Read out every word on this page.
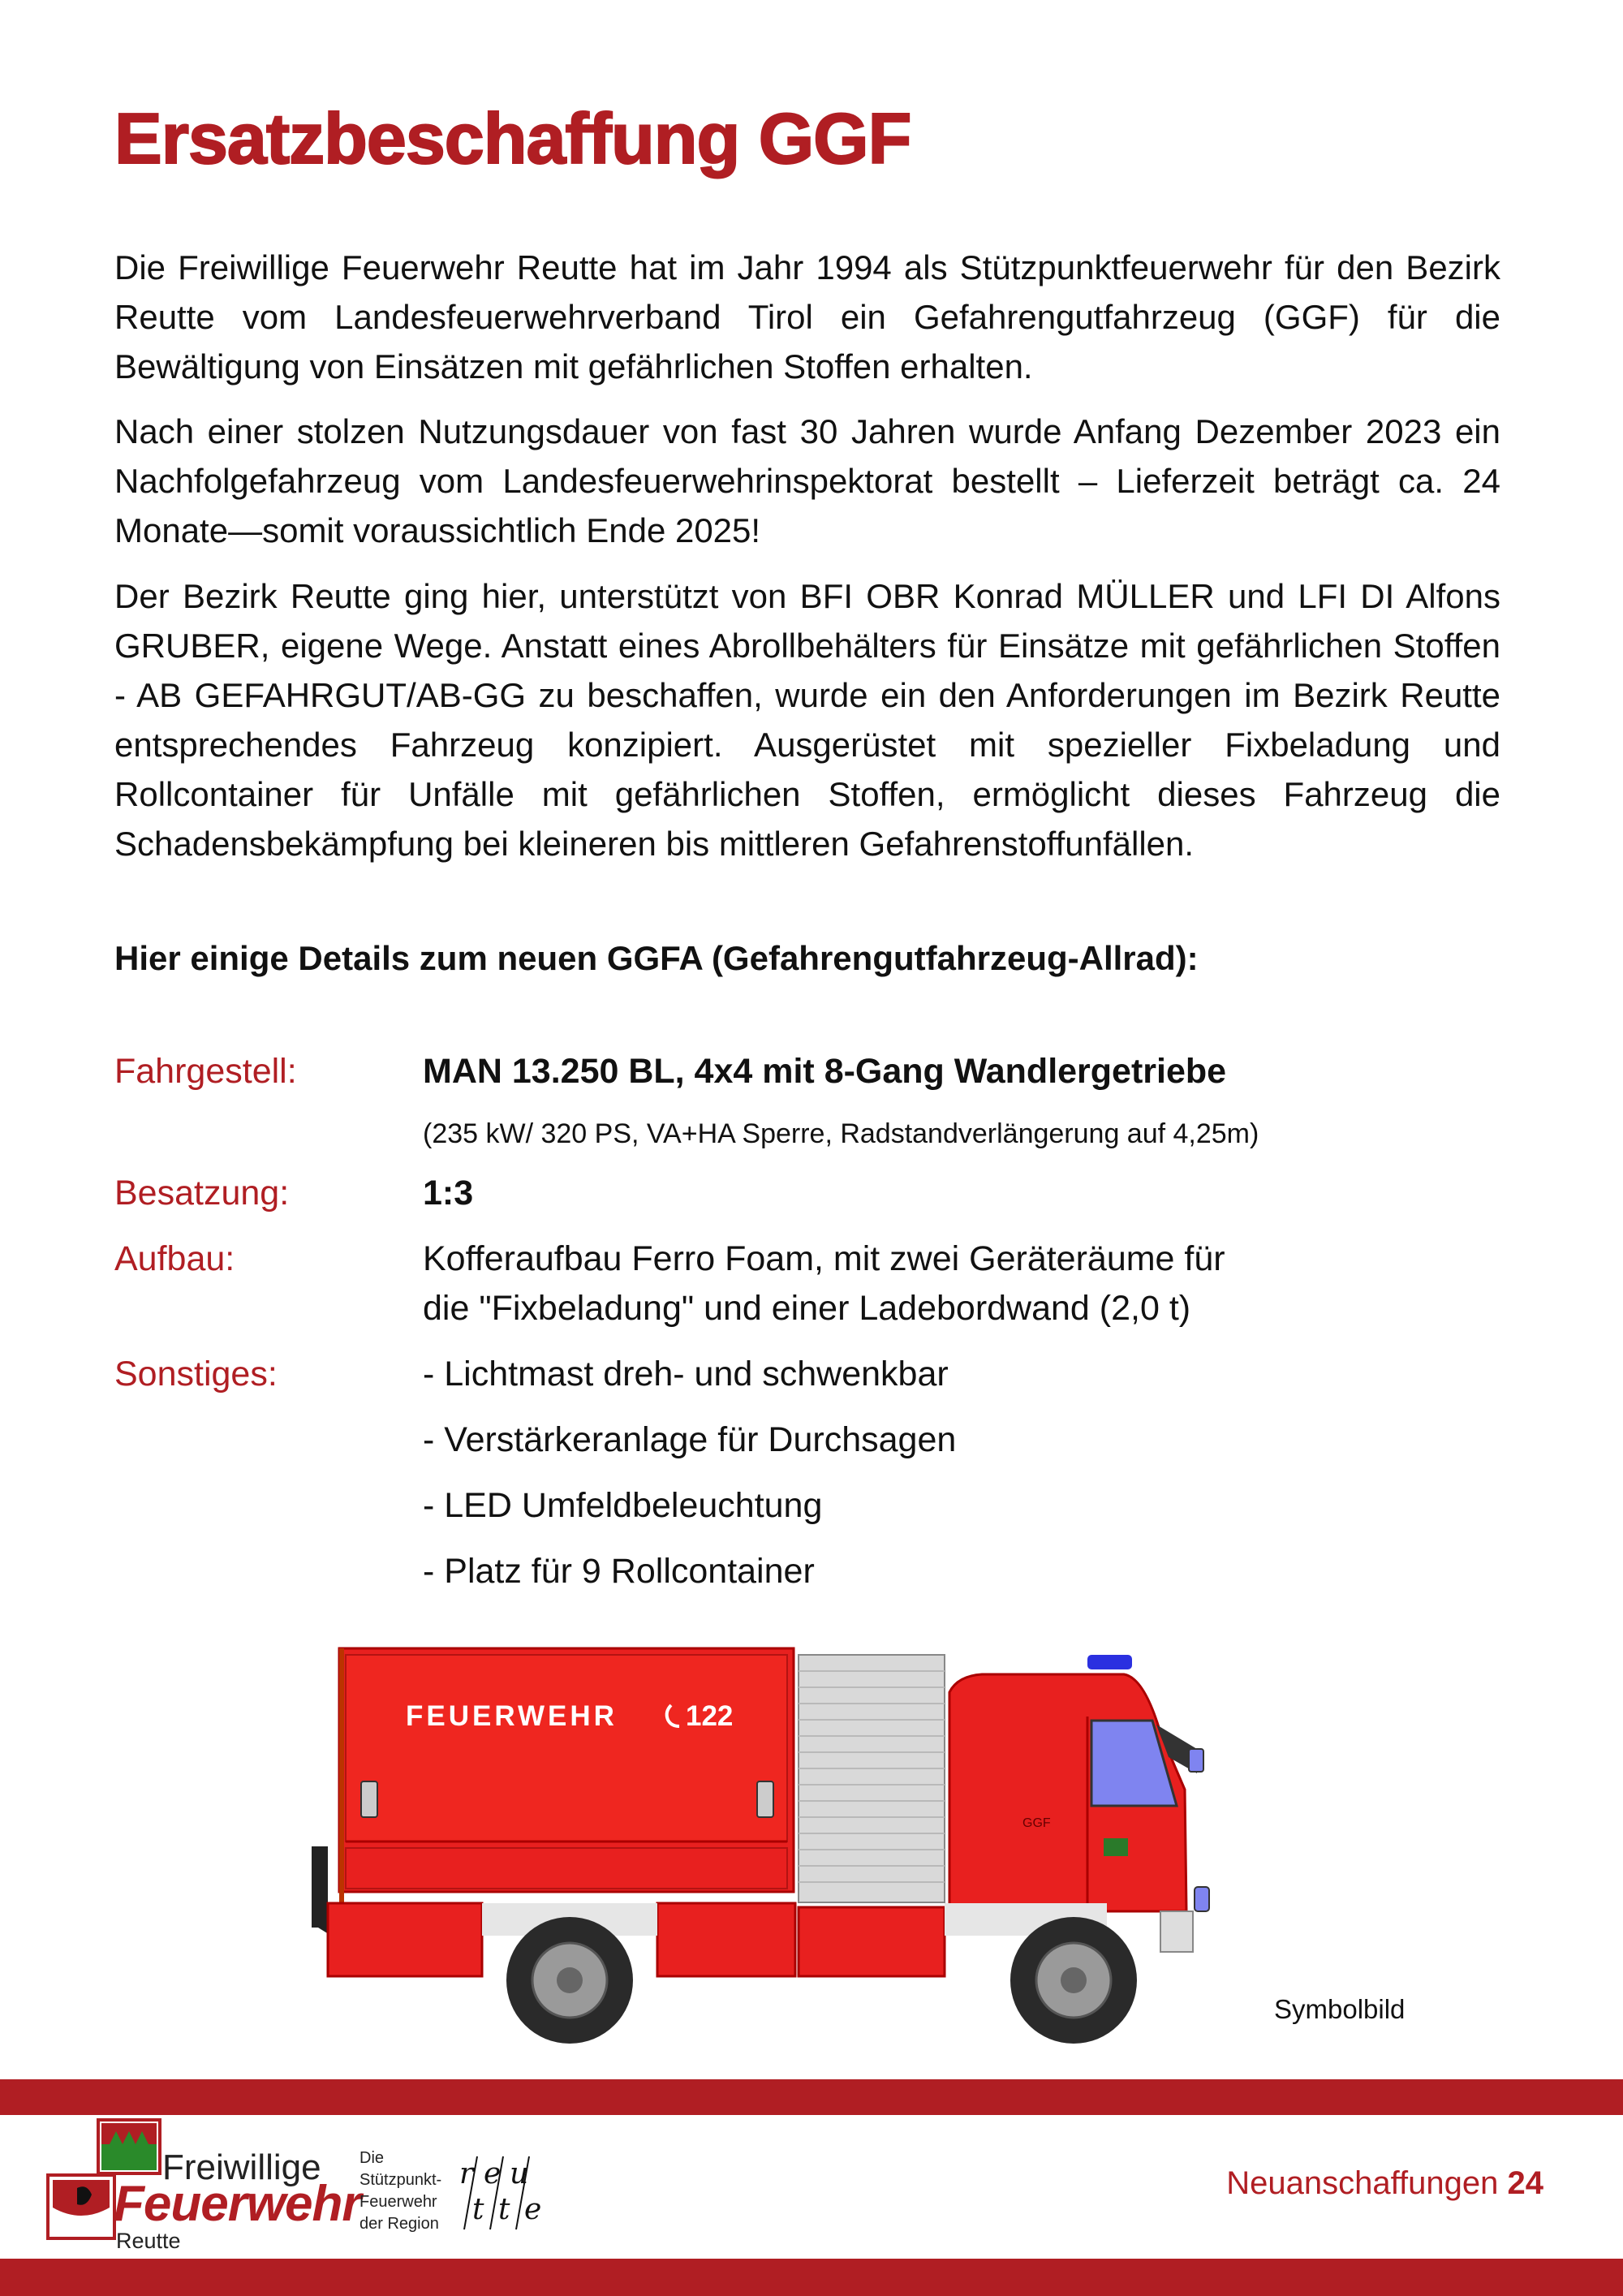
Ersatzbeschaffung GGF

Die Freiwillige Feuerwehr Reutte hat im Jahr 1994 als Stützpunktfeuerwehr für den Bezirk Reutte vom Landesfeuerwehrverband Tirol ein Gefahrengutfahrzeug (GGF) für die Bewältigung von Einsätzen mit gefährlichen Stoffen erhalten.

Nach einer stolzen Nutzungsdauer von fast 30 Jahren wurde Anfang Dezember 2023 ein Nachfolgefahrzeug vom Landesfeuerwehrinspektorat bestellt – Lieferzeit beträgt ca. 24 Monate—somit voraussichtlich Ende 2025!

Der Bezirk Reutte ging hier, unterstützt von BFI OBR Konrad MÜLLER und LFI DI Alfons GRUBER, eigene Wege. Anstatt eines Abrollbehälters für Einsätze mit gefährlichen Stoffen - AB GEFAHRGUT/AB-GG zu beschaffen, wurde ein den Anforderungen im Bezirk Reutte entsprechendes Fahrzeug konzipiert. Ausgerüstet mit spezieller Fixbeladung und Rollcontainer für Unfälle mit gefährlichen Stoffen, ermöglicht dieses Fahrzeug die Schadensbekämpfung bei kleineren bis mittleren Gefahrenstoffunfällen.

Hier einige Details zum neuen GGFA (Gefahrengutfahrzeug-Allrad):

Fahrgestell:	MAN 13.250 BL, 4x4 mit 8-Gang Wandlergetriebe
(235 kW/ 320 PS, VA+HA Sperre, Radstandverlängerung auf 4,25m)
Besatzung:	1:3
Aufbau:	Kofferaufbau Ferro Foam, mit zwei Geräteräume für
die "Fixbeladung" und einer Ladebordwand (2,0 t)
Sonstiges:	- Lichtmast dreh- und schwenkbar
- Verstärkeranlage für Durchsagen
- LED Umfeldbeleuchtung
- Platz für 9 Rollcontainer
FEUERWEHR 122
GGF
Symbolbild
Freiwillige
Feuerwehr
Reutte
Die
Stützpunkt-
Feuerwehr
der Region
r e u
t t e
Neuanschaffungen 24
